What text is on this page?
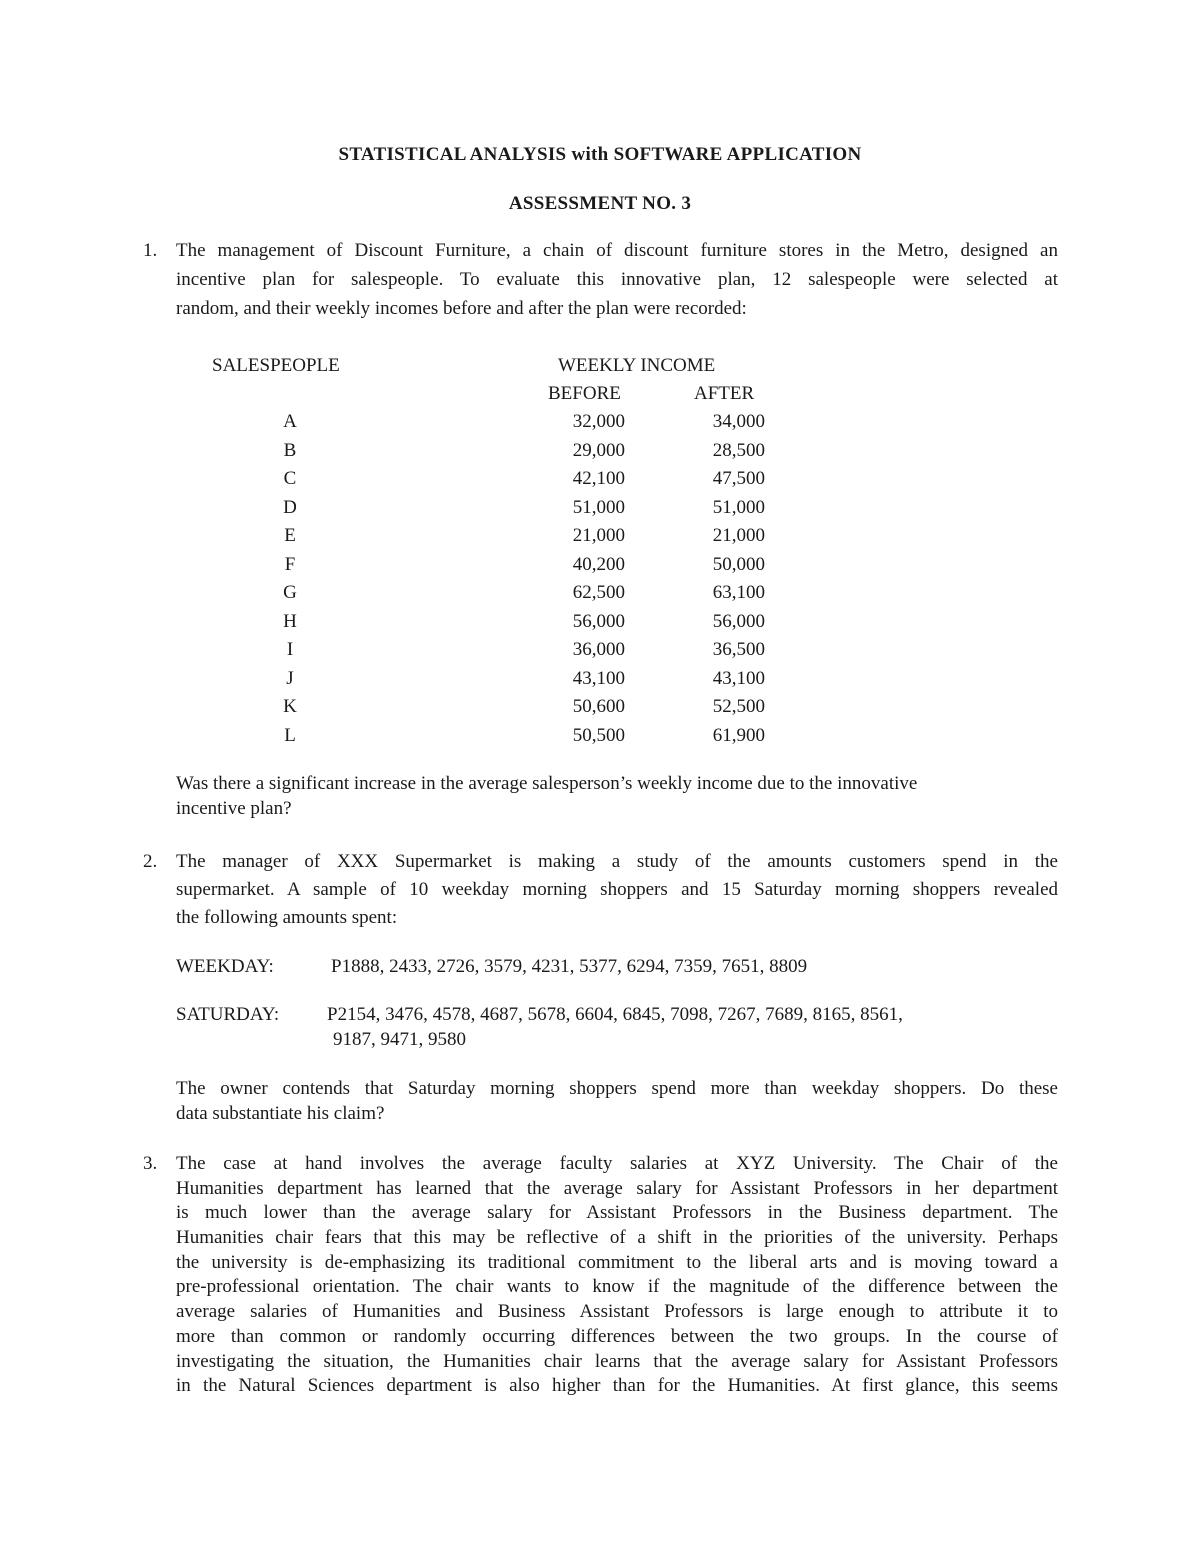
STATISTICAL ANALYSIS with SOFTWARE APPLICATION
ASSESSMENT NO. 3
1. The management of Discount Furniture, a chain of discount furniture stores in the Metro, designed an
incentive plan for salespeople. To evaluate this innovative plan, 12 salespeople were selected at
random, and their weekly incomes before and after the plan were recorded:
SALESPEOPLE	WEEKLY INCOME
BEFORE	AFTER
A	32,000	34,000
B	29,000	28,500
C	42,100	47,500
D	51,000	51,000
E	21,000	21,000
F	40,200	50,000
G	62,500	63,100
H	56,000	56,000
I	36,000	36,500
J	43,100	43,100
K	50,600	52,500
L	50,500	61,900
Was there a significant increase in the average salesperson’s weekly income due to the innovative
incentive plan?
2. The manager of XXX Supermarket is making a study of the amounts customers spend in the
supermarket. A sample of 10 weekday morning shoppers and 15 Saturday morning shoppers revealed
the following amounts spent:
WEEKDAY:	P1888, 2433, 2726, 3579, 4231, 5377, 6294, 7359, 7651, 8809
SATURDAY:	P2154, 3476, 4578, 4687, 5678, 6604, 6845, 7098, 7267, 7689, 8165, 8561,
9187, 9471, 9580
The owner contends that Saturday morning shoppers spend more than weekday shoppers. Do these
data substantiate his claim?
3. The case at hand involves the average faculty salaries at XYZ University. The Chair of the
Humanities department has learned that the average salary for Assistant Professors in her department
is much lower than the average salary for Assistant Professors in the Business department. The
Humanities chair fears that this may be reflective of a shift in the priorities of the university. Perhaps
the university is de-emphasizing its traditional commitment to the liberal arts and is moving toward a
pre-professional orientation. The chair wants to know if the magnitude of the difference between the
average salaries of Humanities and Business Assistant Professors is large enough to attribute it to
more than common or randomly occurring differences between the two groups. In the course of
investigating the situation, the Humanities chair learns that the average salary for Assistant Professors
in the Natural Sciences department is also higher than for the Humanities. At first glance, this seems
